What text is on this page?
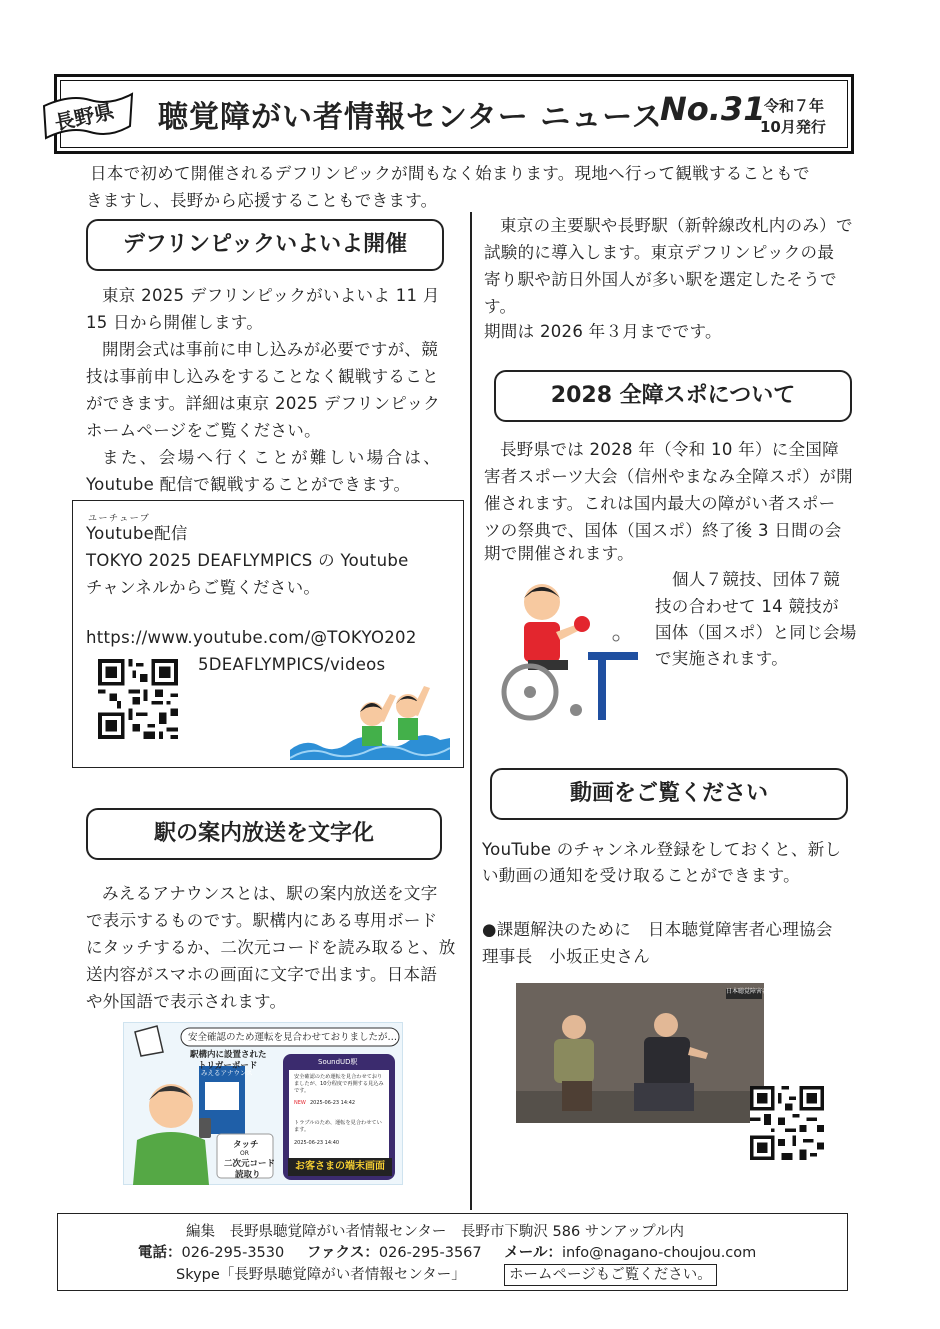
長野県 聴覚障がい者情報センター ニュース
No.31
令和７年
10月発行
日本で初めて開催されるデフリンピックが間もなく始まります。現地へ行って観戦することもで
きますし、長野から応援することもできます。
デフリンピックいよいよ開催
東京 2025 デフリンピックがいよいよ 11 月
15 日から開催します。
開閉会式は事前に申し込みが必要ですが、競
技は事前申し込みをすることなく観戦すること
ができます。詳細は東京 2025 デフリンピック
ホームページをご覧ください。
また、会場へ行くことが難しい場合は、
Youtube 配信で観戦することができます。
ユーチューブ
Youtube配信
TOKYO 2025 DEAFLYMPICS の Youtube
チャンネルからご覧ください。
https://www.youtube.com/@TOKYO202
5DEAFLYMPICS/videos
駅の案内放送を文字化
みえるアナウンスとは、駅の案内放送を文字
で表示するものです。駅構内にある専用ボード
にタッチするか、二次元コードを読み取ると、放
送内容がスマホの画面に文字で出ます。日本語
や外国語で表示されます。
安全確認のため運転を見合わせておりましたが…
駅構内に設置された
トリガーボード
みえるアナウンス
SoundUD駅
安全確認のため運転を見合わせておりましたが、10分程度で再開する見込みです。
NEW 2025-06-23 14:42
トラブルのため、運転を見合わせています。
2025-06-23 14:40
タッチ
OR
二次元コード
読取り
お客さまの端末画面
東京の主要駅や長野駅（新幹線改札内のみ）で
試験的に導入します。東京デフリンピックの最
寄り駅や訪日外国人が多い駅を選定したそうで
す。
期間は 2026 年３月までです。
2028 全障スポについて
長野県では 2028 年（令和 10 年）に全国障
害者スポーツ大会（信州やまなみ全障スポ）が開
催されます。これは国内最大の障がい者スポー
ツの祭典で、国体（国スポ）終了後 3 日間の会
期で開催されます。
個人７競技、団体７競
技の合わせて 14 競技が
国体（国スポ）と同じ会場
で実施されます。
動画をご覧ください
YouTube のチャンネル登録をしておくと、新し
い動画の通知を受け取ることができます。
●課題解決のために　日本聴覚障害者心理協会
理事長　小坂正史さん
日本聴覚障害者心理協会
編集　長野県聴覚障がい者情報センター　長野市下駒沢 586 サンアップル内
電話：026-295-3530 ファクス：026-295-3567 メール：info@nagano-choujou.com
Skype「長野県聴覚障がい者情報センター」	ホームページもご覧ください。
